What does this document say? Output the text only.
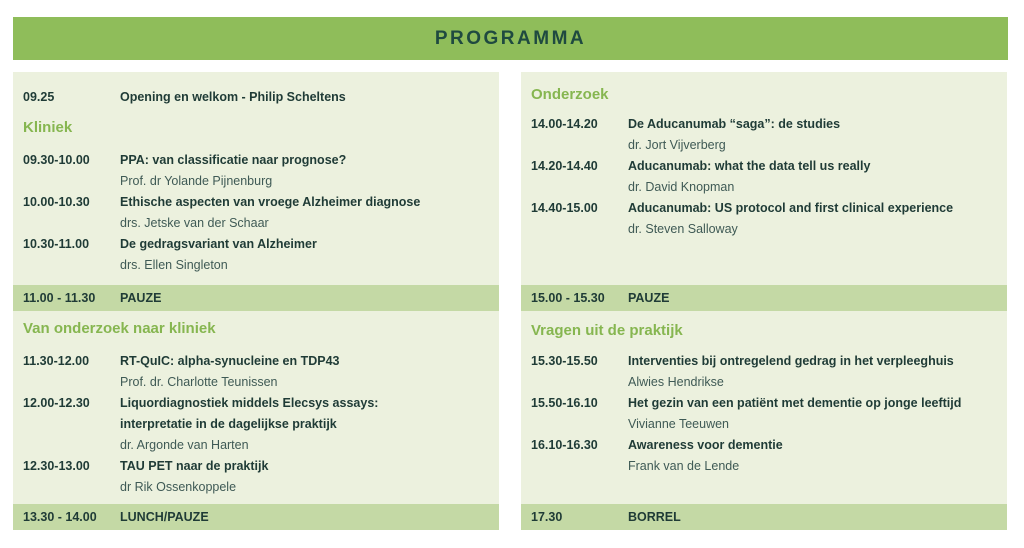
PROGRAMMA
09.25	Opening en welkom - Philip Scheltens
Kliniek
09.30-10.00 PPA: van classificatie naar prognose?
Prof. dr Yolande Pijnenburg
10.00-10.30 Ethische aspecten van vroege Alzheimer diagnose
drs. Jetske van der Schaar
10.30-11.00 De gedragsvariant van Alzheimer
drs. Ellen Singleton
11.00 - 11.30 PAUZE
Van onderzoek naar kliniek
11.30-12.00 RT-QuIC: alpha-synucleine en TDP43
Prof. dr. Charlotte Teunissen
12.00-12.30 Liquordiagnostiek middels Elecsys assays:
interpretatie in de dagelijkse praktijk
dr. Argonde van Harten
12.30-13.00 TAU PET naar de praktijk
dr Rik Ossenkoppele
13.30 - 14.00 LUNCH/PAUZE
Onderzoek
14.00-14.20 De Aducanumab “saga”: de studies
dr. Jort Vijverberg
14.20-14.40 Aducanumab: what the data tell us really
dr. David Knopman
14.40-15.00 Aducanumab: US protocol and first clinical experience
dr. Steven Salloway
15.00 - 15.30 PAUZE
Vragen uit de praktijk
15.30-15.50 Interventies bij ontregelend gedrag in het verpleeghuis
Alwies Hendrikse
15.50-16.10 Het gezin van een patiënt met dementie op jonge leeftijd
Vivianne Teeuwen
16.10-16.30 Awareness voor dementie
Frank van de Lende
17.30	BORREL
